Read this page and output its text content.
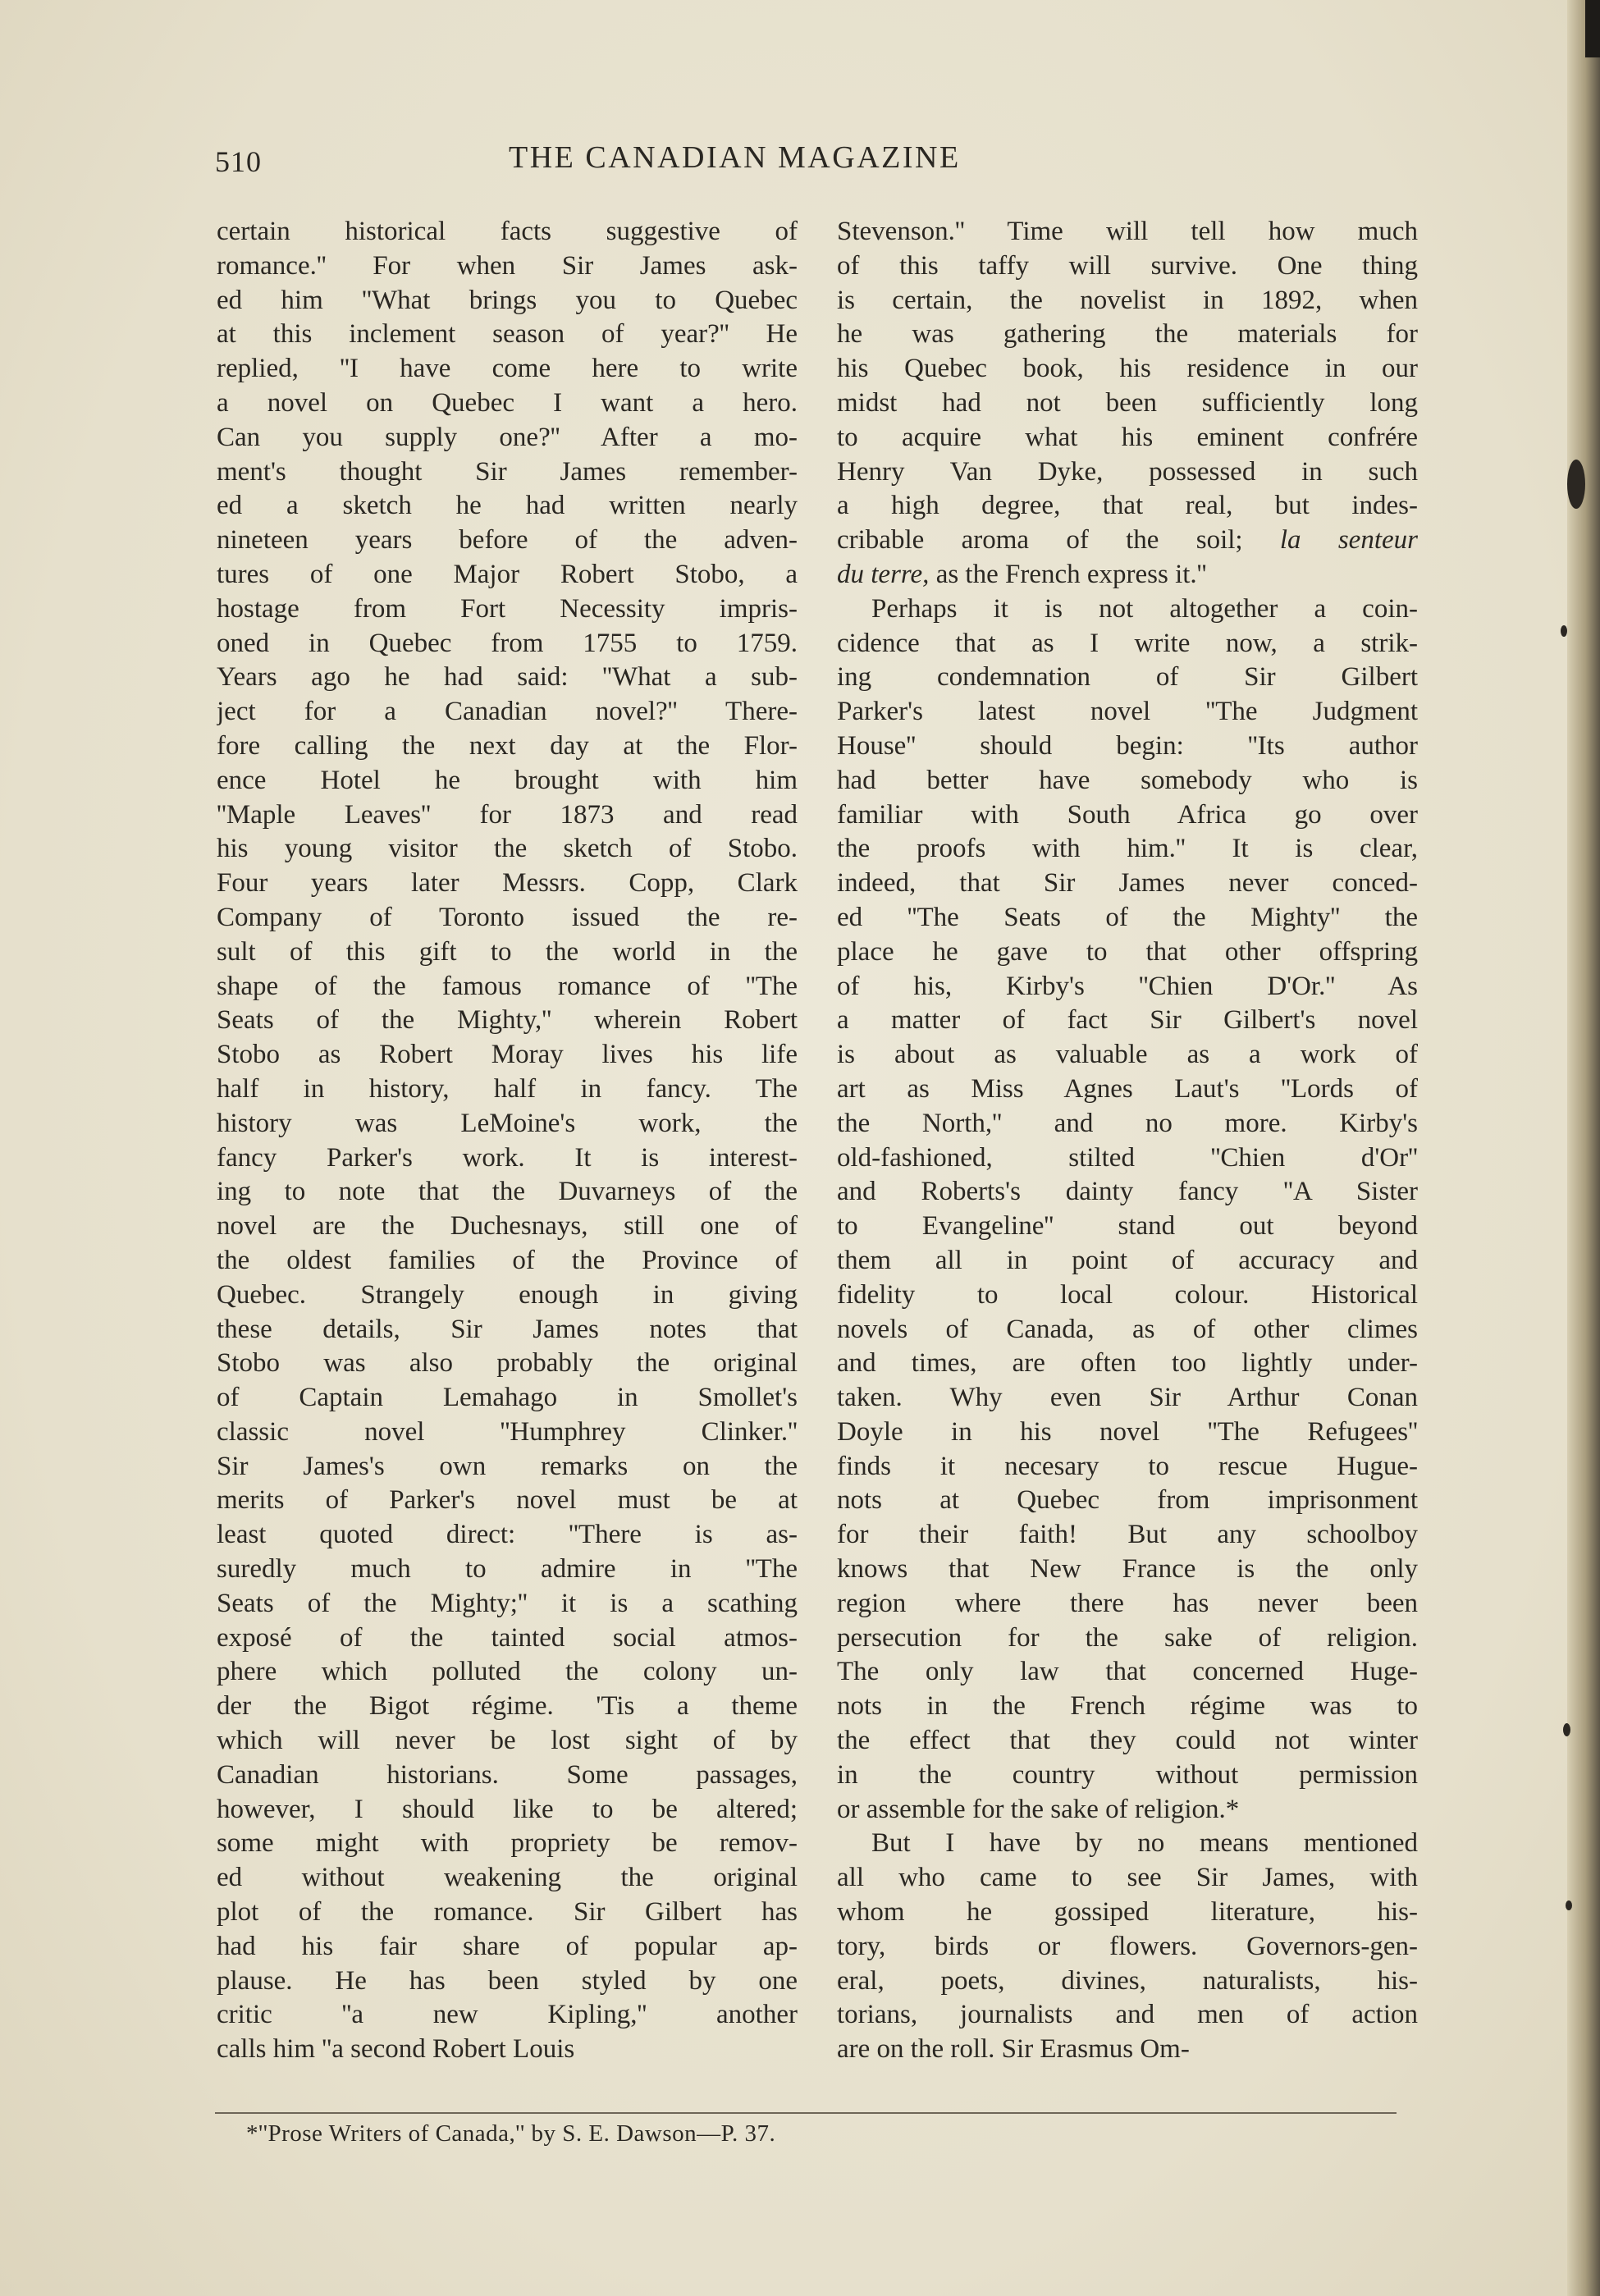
510	THE CANADIAN MAGAZINE
certain historical facts suggestive of
romance.'' For when Sir James ask-
ed him ''What brings you to Quebec
at this inclement season of year?'' He
replied, ''I have come here to write
a novel on Quebec I want a hero.
Can you supply one?'' After a mo-
ment's thought Sir James remember-
ed a sketch he had written nearly
nineteen years before of the adven-
tures of one Major Robert Stobo, a
hostage from Fort Necessity impris-
oned in Quebec from 1755 to 1759.
Years ago he had said: ''What a sub-
ject for a Canadian novel?'' There-
fore calling the next day at the Flor-
ence Hotel he brought with him
''Maple Leaves'' for 1873 and read
his young visitor the sketch of Stobo.
Four years later Messrs. Copp, Clark
Company of Toronto issued the re-
sult of this gift to the world in the
shape of the famous romance of ''The
Seats of the Mighty,'' wherein Robert
Stobo as Robert Moray lives his life
half in history, half in fancy. The
history was LeMoine's work, the
fancy Parker's work. It is interest-
ing to note that the Duvarneys of the
novel are the Duchesnays, still one of
the oldest families of the Province of
Quebec. Strangely enough in giving
these details, Sir James notes that
Stobo was also probably the original
of Captain Lemahago in Smollet's
classic novel ''Humphrey Clinker.''
Sir James's own remarks on the
merits of Parker's novel must be at
least quoted direct: ''There is as-
suredly much to admire in ''The
Seats of the Mighty;'' it is a scathing
exposé of the tainted social atmos-
phere which polluted the colony un-
der the Bigot régime. 'Tis a theme
which will never be lost sight of by
Canadian historians. Some passages,
however, I should like to be altered;
some might with propriety be remov-
ed without weakening the original
plot of the romance. Sir Gilbert has
had his fair share of popular ap-
plause. He has been styled by one
critic ''a new Kipling,'' another
calls him ''a second Robert Louis
Stevenson.'' Time will tell how much
of this taffy will survive. One thing
is certain, the novelist in 1892, when
he was gathering the materials for
his Quebec book, his residence in our
midst had not been sufficiently long
to acquire what his eminent confrére
Henry Van Dyke, possessed in such
a high degree, that real, but indes-
cribable aroma of the soil; la senteur
du terre, as the French express it.''
Perhaps it is not altogether a coin-
cidence that as I write now, a strik-
ing condemnation of Sir Gilbert
Parker's latest novel ''The Judgment
House'' should begin: ''Its author
had better have somebody who is
familiar with South Africa go over
the proofs with him.'' It is clear,
indeed, that Sir James never conced-
ed ''The Seats of the Mighty'' the
place he gave to that other offspring
of his, Kirby's ''Chien D'Or.'' As
a matter of fact Sir Gilbert's novel
is about as valuable as a work of
art as Miss Agnes Laut's ''Lords of
the North,'' and no more. Kirby's
old-fashioned, stilted ''Chien d'Or''
and Roberts's dainty fancy ''A Sister
to Evangeline'' stand out beyond
them all in point of accuracy and
fidelity to local colour. Historical
novels of Canada, as of other climes
and times, are often too lightly under-
taken. Why even Sir Arthur Conan
Doyle in his novel ''The Refugees''
finds it necesary to rescue Hugue-
nots at Quebec from imprisonment
for their faith! But any schoolboy
knows that New France is the only
region where there has never been
persecution for the sake of religion.
The only law that concerned Huge-
nots in the French régime was to
the effect that they could not winter
in the country without permission
or assemble for the sake of religion.*
But I have by no means mentioned
all who came to see Sir James, with
whom he gossiped literature, his-
tory, birds or flowers. Governors-gen-
eral, poets, divines, naturalists, his-
torians, journalists and men of action
are on the roll. Sir Erasmus Om-
*''Prose Writers of Canada,'' by S. E. Dawson—P. 37.
